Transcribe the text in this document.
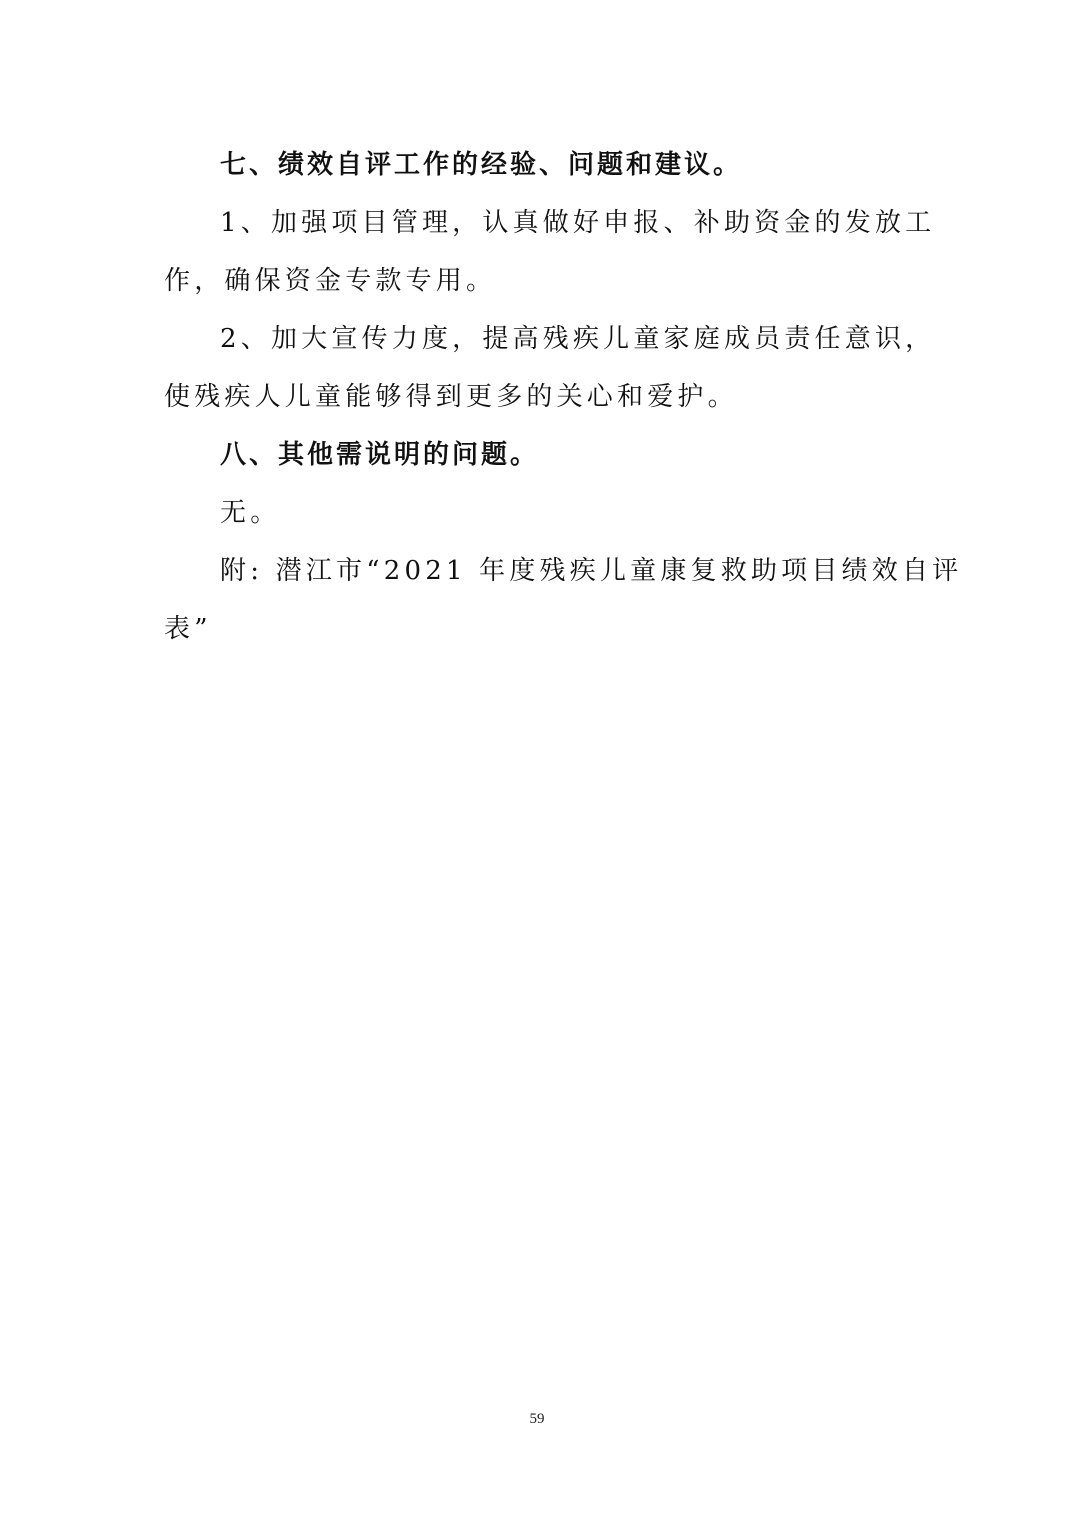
七、绩效自评工作的经验、问题和建议。

1、加强项目管理，认真做好申报、补助资金的发放工

作，确保资金专款专用。

2、加大宣传力度，提高残疾儿童家庭成员责任意识，

使残疾人儿童能够得到更多的关心和爱护。

八、其他需说明的问题。

无。

附: 潜江市“2021 年度残疾儿童康复救助项目绩效自评

表”

59
